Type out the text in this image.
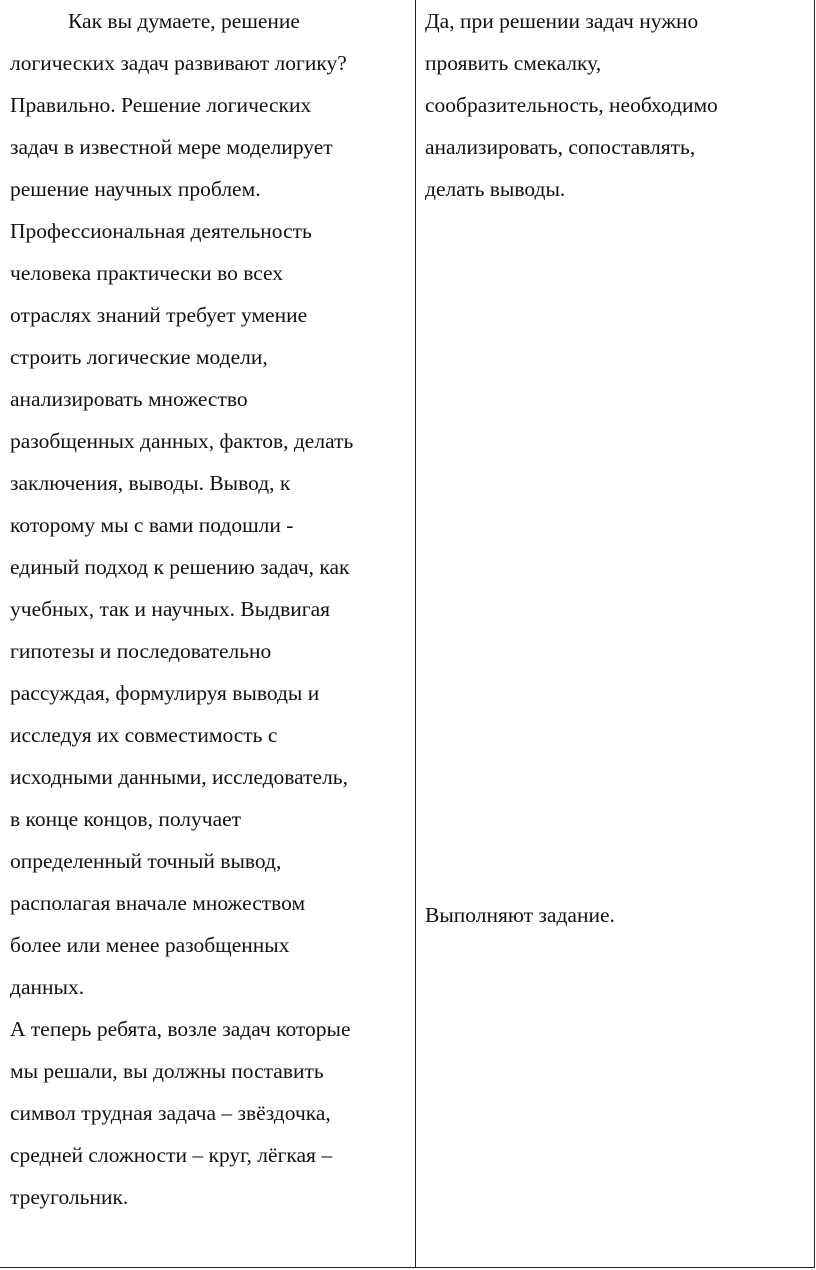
Как вы думаете, решение
логических задач развивают логику?
Правильно. Решение логических
задач в известной мере моделирует
решение научных проблем.
Профессиональная деятельность
человека практически во всех
отраслях знаний требует умение
строить логические модели,
анализировать множество
разобщенных данных, фактов, делать
заключения, выводы. Вывод, к
которому мы с вами подошли -
единый подход к решению задач, как
учебных, так и научных. Выдвигая
гипотезы и последовательно
рассуждая, формулируя выводы и
исследуя их совместимость с
исходными данными, исследователь,
в конце концов, получает
определенный точный вывод,
располагая вначале множеством
более или менее разобщенных
данных.
А теперь ребята, возле задач которые
мы решали, вы должны поставить
символ трудная задача – звёздочка,
средней сложности – круг, лёгкая –
треугольник.
Да, при решении задач нужно
проявить смекалку,
сообразительность, необходимо
анализировать, сопоставлять,
делать выводы.
Выполняют задание.
